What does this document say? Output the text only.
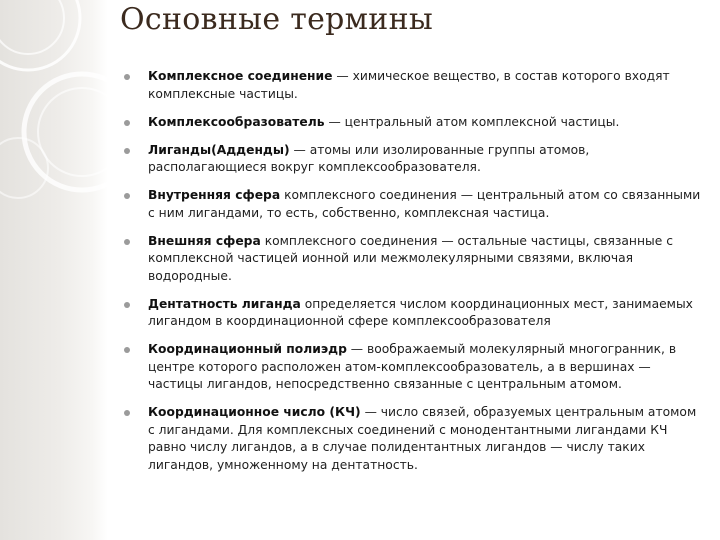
Основные термины
Комплексное соединение — химическое вещество, в состав которого входят комплексные частицы.
Комплексообразователь — центральный атом комплексной частицы.
Лиганды(Адденды) — атомы или изолированные группы атомов, располагающиеся вокруг комплексообразователя.
Внутренняя сфера комплексного соединения — центральный атом со связанными с ним лигандами, то есть, собственно, комплексная частица.
Внешняя сфера комплексного соединения — остальные частицы, связанные с комплексной частицей ионной или межмолекулярными связями, включая водородные.
Дентатность лиганда определяется числом координационных мест, занимаемых лигандом в координационной сфере комплексообразователя
Координационный полиэдр — воображаемый молекулярный многогранник, в центре которого расположен атом-комплексообразователь, а в вершинах — частицы лигандов, непосредственно связанные с центральным атомом.
Координационное число (КЧ) — число связей, образуемых центральным атомом с лигандами. Для комплексных соединений с монодентантными лигандами КЧ равно числу лигандов, а в случае полидентантных лигандов — числу таких лигандов, умноженному на дентатность.
